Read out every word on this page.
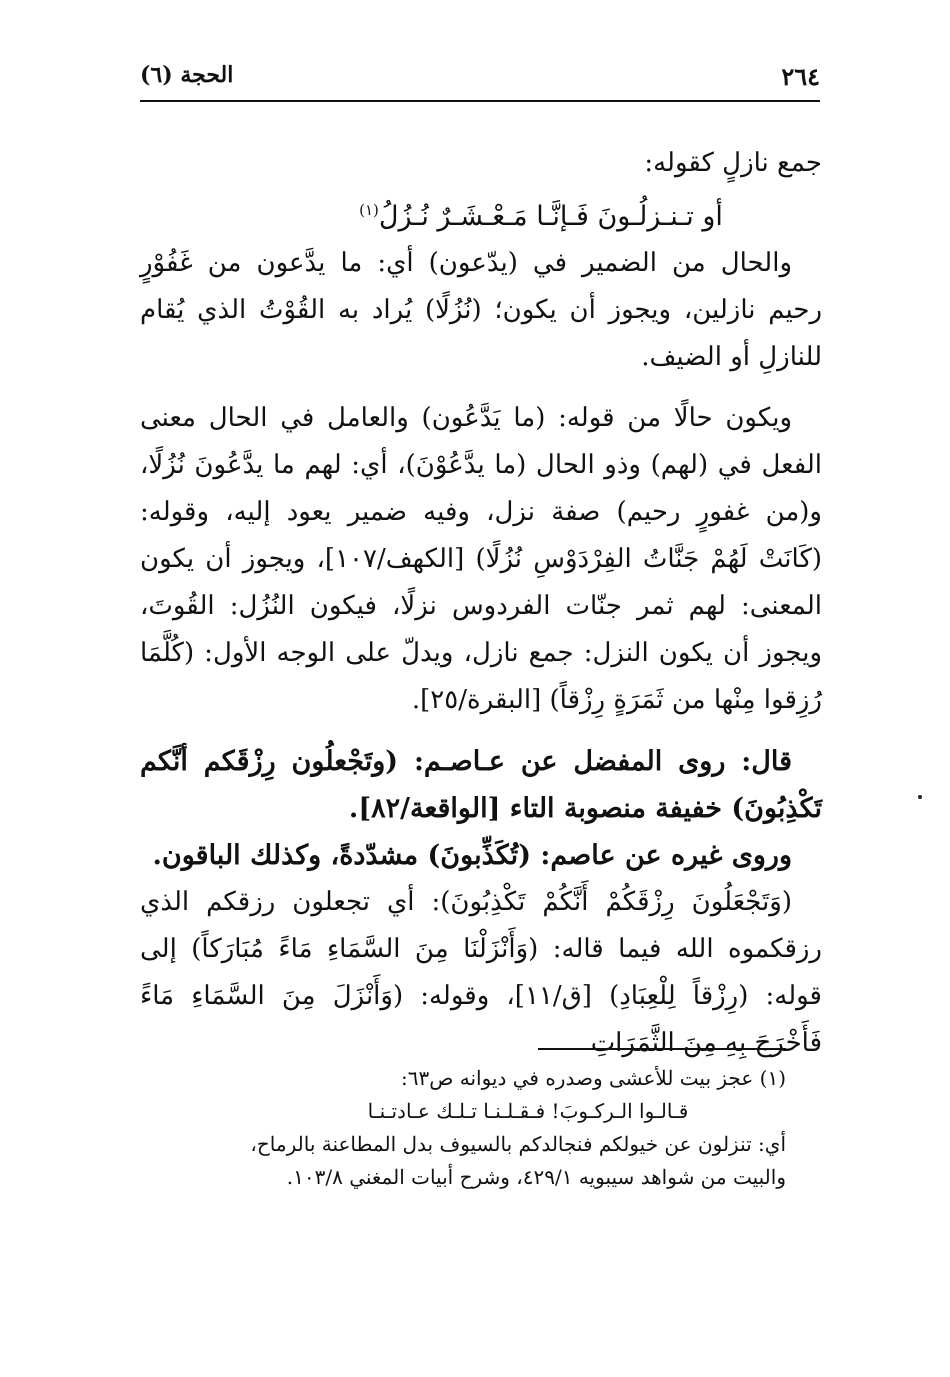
٢٦٤
الحجة (٦)

جمع نازلٍ كقوله:

أو تـنـزلُـونَ فَـإنَّـا مَـعْـشَـرٌ نُـزُلُ$^{(١)}$

والحال من الضمير في (يدّعون) أي: ما يدَّعون من غَفُوْرٍ رحيم نازلين، ويجوز أن يكون؛ (نُزُلًا) يُراد به القُوْتُ الذي يُقام للنازلِ أو الضيف.

ويكون حالًا من قوله: (ما يَدَّعُون) والعامل في الحال معنى الفعل في (لهم) وذو الحال (ما يدَّعُوْنَ)، أي: لهم ما يدَّعُونَ نُزُلًا، و(من غفورٍ رحيم) صفة نزل، وفيه ضمير يعود إليه، وقوله: (كَانَتْ لَهُمْ جَنَّاتُ الفِرْدَوْسِ نُزُلًا) [الكهف/١٠٧]، ويجوز أن يكون المعنى: لهم ثمر جنّات الفردوس نزلًا، فيكون النُزُل: القُوتَ، ويجوز أن يكون النزل: جمع نازل، ويدلّ على الوجه الأول: (كُلَّمَا رُزِقوا مِنْها من ثَمَرَةٍ رِزْقاً) [البقرة/٢٥].

قال: روى المفضل عن عـاصـم: (وتَجْعلُون رِزْقَكم أنَّكم تَكْذِبُونَ) خفيفة منصوبة التاء [الواقعة/٨٢].

وروى غيره عن عاصم: (تُكَذِّبونَ) مشدّدةً، وكذلك الباقون.

(وَتَجْعَلُونَ رِزْقَكُمْ أَنَّكُمْ تَكْذِبُونَ): أي تجعلون رزقكم الذي رزقكموه الله فيما قاله: (وَأَنْزَلْنَا مِنَ السَّمَاءِ مَاءً مُبَارَكاً) إلى قوله: (رِزْقاً لِلْعِبَادِ) [ق/١١]، وقوله: (وَأَنْزَلَ مِنَ السَّمَاءِ مَاءً فَأَخْرَجَ بِهِ مِنَ الثَّمَرَاتِ

(١) عجز بيت للأعشى وصدره في ديوانه ص٦٣:

قـالـوا الـركـوبَ! فـقـلـنـا تـلـك عـادتـنـا

أي: تنزلون عن خيولكم فنجالدكم بالسيوف بدل المطاعنة بالرماح،

والبيت من شواهد سيبويه ٤٢٩/١، وشرح أبيات المغني ١٠٣/٨.
